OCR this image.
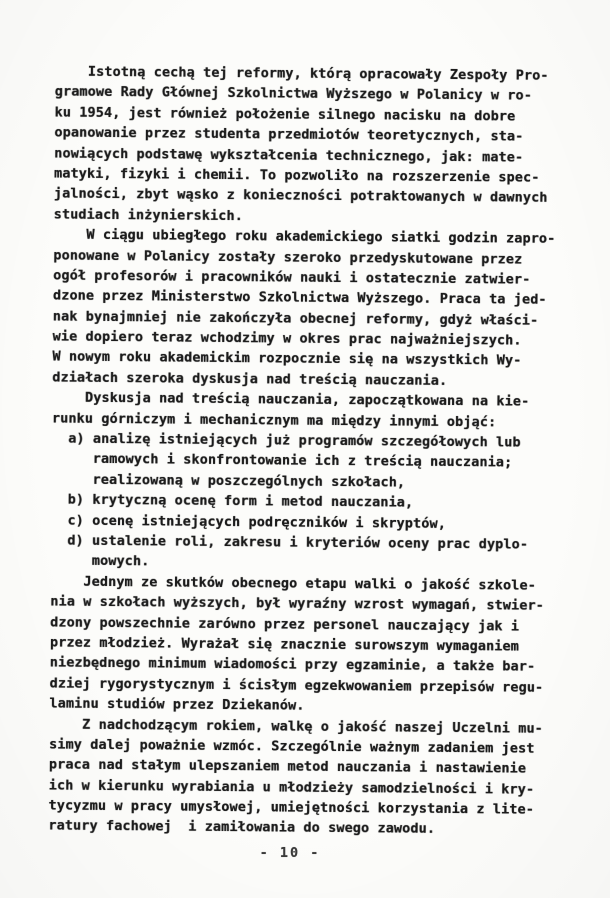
Istotną cechą tej reformy, którą opracowały Zespoły Pro-
gramowe Rady Głównej Szkolnictwa Wyższego w Polanicy w ro-
ku 1954, jest również położenie silnego nacisku na dobre
opanowanie przez studenta przedmiotów teoretycznych, sta-
nowiących podstawę wykształcenia technicznego, jak: mate-
matyki, fizyki i chemii. To pozwoliło na rozszerzenie spec-
jalności, zbyt wąsko z konieczności potraktowanych w dawnych
studiach inżynierskich.
W ciągu ubiegłego roku akademickiego siatki godzin zapro-
ponowane w Polanicy zostały szeroko przedyskutowane przez
ogół profesorów i pracowników nauki i ostatecznie zatwier-
dzone przez Ministerstwo Szkolnictwa Wyższego. Praca ta jed-
nak bynajmniej nie zakończyła obecnej reformy, gdyż właści-
wie dopiero teraz wchodzimy w okres prac najważniejszych.
W nowym roku akademickim rozpocznie się na wszystkich Wy-
działach szeroka dyskusja nad treścią nauczania.
Dyskusja nad treścią nauczania, zapoczątkowana na kie-
runku górniczym i mechanicznym ma między innymi objąć:
a) analizę istniejących już programów szczegółowych lub
ramowych i skonfrontowanie ich z treścią nauczania;
realizowaną w poszczególnych szkołach,
b) krytyczną ocenę form i metod nauczania,
c) ocenę istniejących podręczników i skryptów,
d) ustalenie roli, zakresu i kryteriów oceny prac dyplo-
mowych.
Jednym ze skutków obecnego etapu walki o jakość szkole-
nia w szkołach wyższych, był wyraźny wzrost wymagań, stwier-
dzony powszechnie zarówno przez personel nauczający jak i
przez młodzież. Wyrażał się znacznie surowszym wymaganiem
niezbędnego minimum wiadomości przy egzaminie, a także bar-
dziej rygorystycznym i ścisłym egzekwowaniem przepisów regu-
laminu studiów przez Dziekanów.
Z nadchodzącym rokiem, walkę o jakość naszej Uczelni mu-
simy dalej poważnie wzmóc. Szczególnie ważnym zadaniem jest
praca nad stałym ulepszaniem metod nauczania i nastawienie
ich w kierunku wyrabiania u młodzieży samodzielności i kry-
tycyzmu w pracy umysłowej, umiejętności korzystania z lite-
ratury fachowej  i zamiłowania do swego zawodu.
- 10 -
